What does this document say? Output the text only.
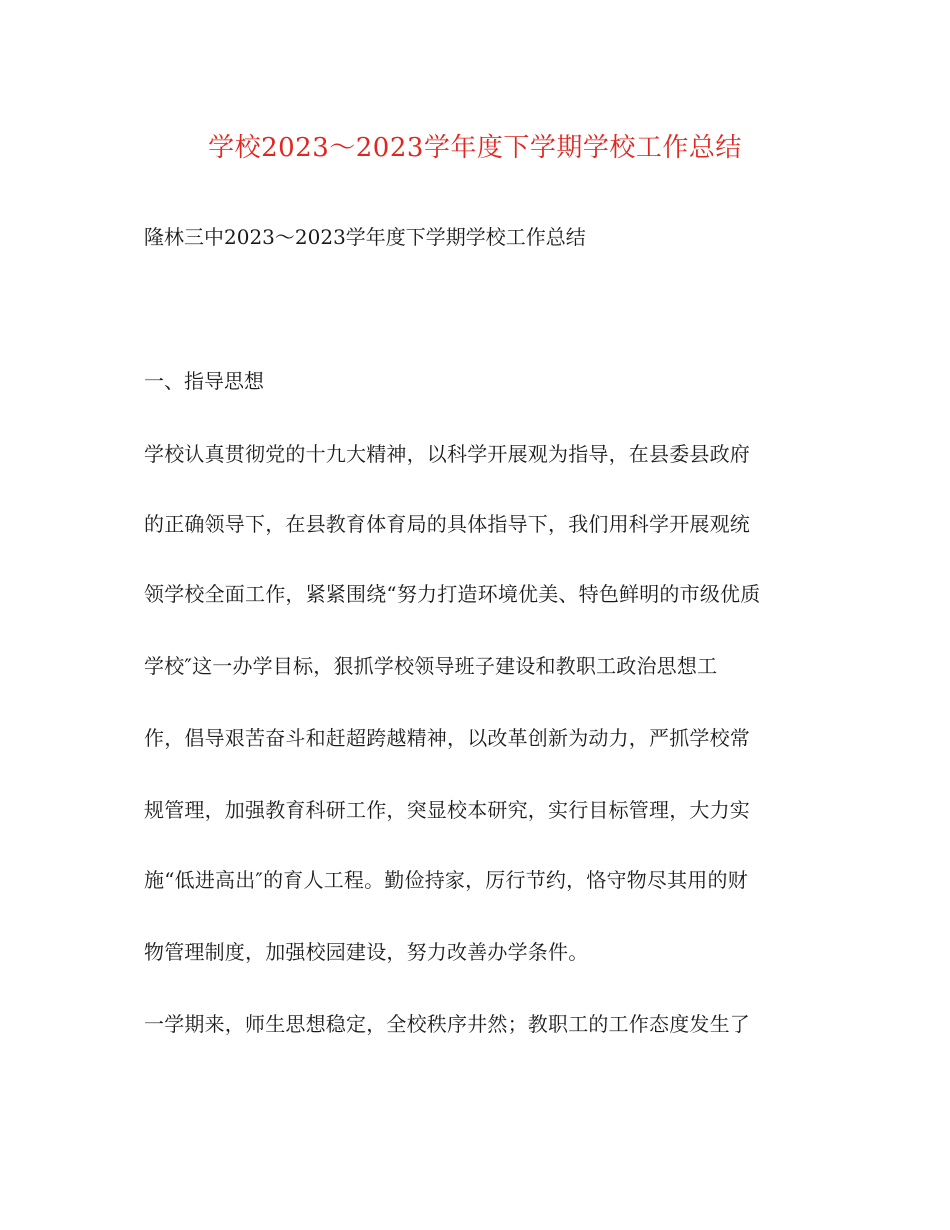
学校2023～2023学年度下学期学校工作总结
隆林三中2023～2023学年度下学期学校工作总结
一、指导思想
学校认真贯彻党的十九大精神，以科学开展观为指导，在县委县政府
的正确领导下，在县教育体育局的具体指导下，我们用科学开展观统
领学校全面工作，紧紧围绕“努力打造环境优美、特色鲜明的市级优质
学校″这一办学目标，狠抓学校领导班子建设和教职工政治思想工
作，倡导艰苦奋斗和赶超跨越精神，以改革创新为动力，严抓学校常
规管理，加强教育科研工作，突显校本研究，实行目标管理，大力实
施“低进高出″的育人工程。勤俭持家，厉行节约，恪守物尽其用的财
物管理制度，加强校园建设，努力改善办学条件。
一学期来，师生思想稳定，全校秩序井然；教职工的工作态度发生了
